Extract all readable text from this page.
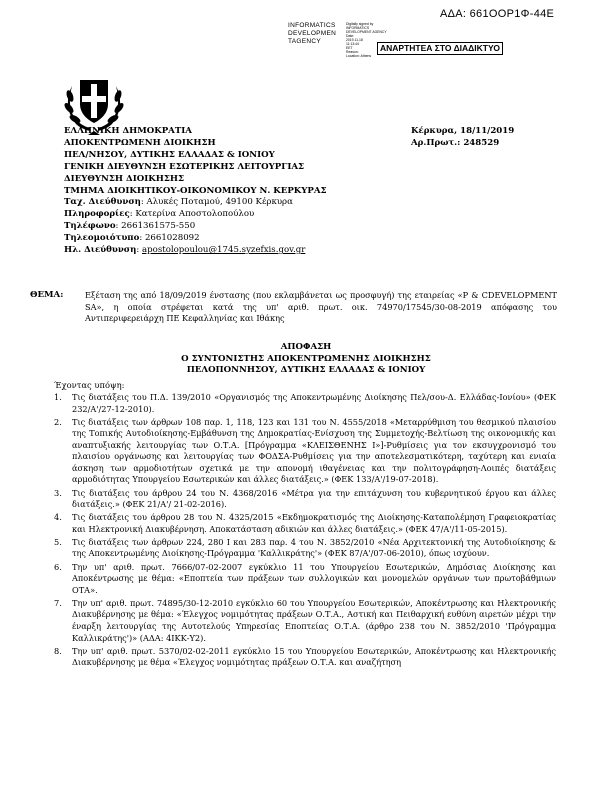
ΑΔΑ: 661ΟΟΡ1Φ-44Ε
INFORMATICS
DEVELOPMEN
TAGENCY
Digitally signed by
INFORMATICS
DEVELOPMENT AGENCY
Date:
2019.11.18
11:13:44
EET
Reason:
Location: Athens
ΑΝΑΡΤΗΤΕΑ ΣΤΟ ΔΙΑΔΙΚΤΥΟ
ΕΛΛΗΝΙΚΗ ΔΗΜΟΚΡΑΤΙΑ
ΑΠΟΚΕΝΤΡΩΜΕΝΗ ΔΙΟΙΚΗΣΗ
ΠΕΛ/ΝΗΣΟΥ, ΔΥΤΙΚΗΣ ΕΛΛΑΔΑΣ & ΙΟΝΙΟΥ
ΓΕΝΙΚΗ ΔΙΕΥΘΥΝΣΗ ΕΣΩΤΕΡΙΚΗΣ ΛΕΙΤΟΥΡΓΙΑΣ
ΔΙΕΥΘΥΝΣΗ ΔΙΟΙΚΗΣΗΣ
ΤΜΗΜΑ ΔΙΟΙΚΗΤΙΚΟΥ-ΟΙΚΟΝΟΜΙΚΟΥ Ν. ΚΕΡΚΥΡΑΣ
Ταχ. Διεύθυνση: Αλυκές Ποταμού, 49100 Κέρκυρα
Πληροφορίες: Κατερίνα Αποστολοπούλου
Τηλέφωνο: 2661361575-550
Τηλεομοιότυπο: 2661028092
Ηλ. Διεύθυνση: apostolopoulou@1745.syzefxis.gov.gr
Κέρκυρα, 18/11/2019
Αρ.Πρωτ.: 248529
ΘΕΜΑ:	Εξέταση της από 18/09/2019 ένστασης (που εκλαμβάνεται ως προσφυγή) της εταιρείας «P & CDEVELOPMENT SA», η οποία στρέφεται κατά της υπ' αριθ. πρωτ. οικ. 74970/17545/30-08-2019 απόφασης του Αντιπεριφερειάρχη ΠΕ Κεφαλληνίας και Ιθάκης
ΑΠΟΦΑΣΗ
Ο ΣΥΝΤΟΝΙΣΤΗΣ ΑΠΟΚΕΝΤΡΩΜΕΝΗΣ ΔΙΟΙΚΗΣΗΣ
ΠΕΛΟΠΟΝΝΗΣΟΥ, ΔΥΤΙΚΗΣ ΕΛΛΑΔΑΣ & ΙΟΝΙΟΥ
Έχοντας υπόψη:
1. Τις διατάξεις του Π.Δ. 139/2010 «Οργανισμός της Αποκεντρωμένης Διοίκησης Πελ/σου-Δ. Ελλάδας-Ιονίου» (ΦΕΚ 232/Α'/27-12-2010).
2. Τις διατάξεις των άρθρων 108 παρ. 1, 118, 123 και 131 του Ν. 4555/2018 «Μεταρρύθμιση του θεσμικού πλαισίου της Τοπικής Αυτοδιοίκησης-Εμβάθυνση της Δημοκρατίας-Ενίσχυση της Συμμετοχής-Βελτίωση της οικονομικής και αναπτυξιακής λειτουργίας των Ο.Τ.Α. [Πρόγραμμα «ΚΛΕΙΣΘΕΝΗΣ Ι»]-Ρυθμίσεις για τον εκσυγχρονισμό του πλαισίου οργάνωσης και λειτουργίας των ΦΟΔΣΑ-Ρυθμίσεις για την αποτελεσματικότερη, ταχύτερη και ενιαία άσκηση των αρμοδιοτήτων σχετικά με την απονομή ιθαγένειας και την πολιτογράφηση-Λοιπές διατάξεις αρμοδιότητας Υπουργείου Εσωτερικών και άλλες διατάξεις.» (ΦΕΚ 133/Α'/19-07-2018).
3. Τις διατάξεις του άρθρου 24 του Ν. 4368/2016 «Μέτρα για την επιτάχυνση του κυβερνητικού έργου και άλλες διατάξεις.» (ΦΕΚ 21/Α'/ 21-02-2016).
4. Τις διατάξεις του άρθρου 28 του Ν. 4325/2015 «Εκδημοκρατισμός της Διοίκησης-Καταπολέμηση Γραφειοκρατίας και Ηλεκτρονική Διακυβέρνηση. Αποκατάσταση αδικιών και άλλες διατάξεις.» (ΦΕΚ 47/Α'/11-05-2015).
5. Τις διατάξεις των άρθρων 224, 280 Ι και 283 παρ. 4 του Ν. 3852/2010 «Νέα Αρχιτεκτονική της Αυτοδιοίκησης & της Αποκεντρωμένης Διοίκησης-Πρόγραμμα 'Καλλικράτης'» (ΦΕΚ 87/Α'/07-06-2010), όπως ισχύουν.
6. Την υπ' αριθ. πρωτ. 7666/07-02-2007 εγκύκλιο 11 του Υπουργείου Εσωτερικών, Δημόσιας Διοίκησης και Αποκέντρωσης με θέμα: «Εποπτεία των πράξεων των συλλογικών και μονομελών οργάνων των πρωτοβάθμιων ΟΤΑ».
7. Την υπ' αριθ. πρωτ. 74895/30-12-2010 εγκύκλιο 60 του Υπουργείου Εσωτερικών, Αποκέντρωσης και Ηλεκτρονικής Διακυβέρνησης με θέμα: «Έλεγχος νομιμότητας πράξεων Ο.Τ.Α., Αστική και Πειθαρχική ευθύνη αιρετών μέχρι την έναρξη λειτουργίας της Αυτοτελούς Υπηρεσίας Εποπτείας Ο.Τ.Α. (άρθρο 238 του Ν. 3852/2010 'Πρόγραμμα Καλλικράτης')» (ΑΔΑ: 4ΙΚΚ-Υ2).
8. Την υπ' αριθ. πρωτ. 5370/02-02-2011 εγκύκλιο 15 του Υπουργείου Εσωτερικών, Αποκέντρωσης και Ηλεκτρονικής Διακυβέρνησης με θέμα «Έλεγχος νομιμότητας πράξεων Ο.Τ.Α. και αναζήτηση
